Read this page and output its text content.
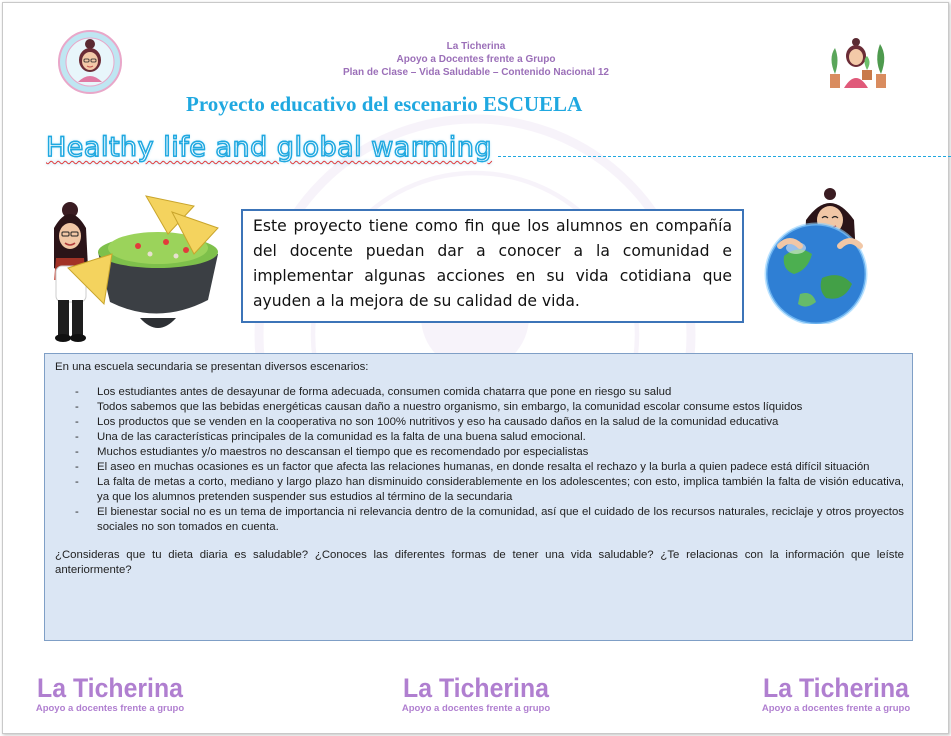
La Ticherina
Apoyo a Docentes frente a Grupo
Plan de Clase – Vida Saludable – Contenido Nacional 12
Proyecto educativo del escenario ESCUELA
Healthy life and global warming

Este proyecto tiene como fin que los alumnos en compañía del docente puedan dar a conocer a la comunidad e implementar algunas acciones en su vida cotidiana que ayuden a la mejora de su calidad de vida.

En una escuela secundaria se presentan diversos escenarios:

- Los estudiantes antes de desayunar de forma adecuada, consumen comida chatarra que pone en riesgo su salud
- Todos sabemos que las bebidas energéticas causan daño a nuestro organismo, sin embargo, la comunidad escolar consume estos líquidos
- Los productos que se venden en la cooperativa no son 100% nutritivos y eso ha causado daños en la salud de la comunidad educativa
- Una de las características principales de la comunidad es la falta de una buena salud emocional.
- Muchos estudiantes y/o maestros no descansan el tiempo que es recomendado por especialistas
- El aseo en muchas ocasiones es un factor que afecta las relaciones humanas, en donde resalta el rechazo y la burla a quien padece está difícil situación
- La falta de metas a corto, mediano y largo plazo han disminuido considerablemente en los adolescentes; con esto, implica también la falta de visión educativa, ya que los alumnos pretenden suspender sus estudios al término de la secundaria
- El bienestar social no es un tema de importancia ni relevancia dentro de la comunidad, así que el cuidado de los recursos naturales, reciclaje y otros proyectos sociales no son tomados en cuenta.

¿Consideras que tu dieta diaria es saludable? ¿Conoces las diferentes formas de tener una vida saludable? ¿Te relacionas con la información que leíste anteriormente?

La Ticherina
Apoyo a docentes frente a grupo
La Ticherina
Apoyo a docentes frente a grupo
La Ticherina
Apoyo a docentes frente a grupo
